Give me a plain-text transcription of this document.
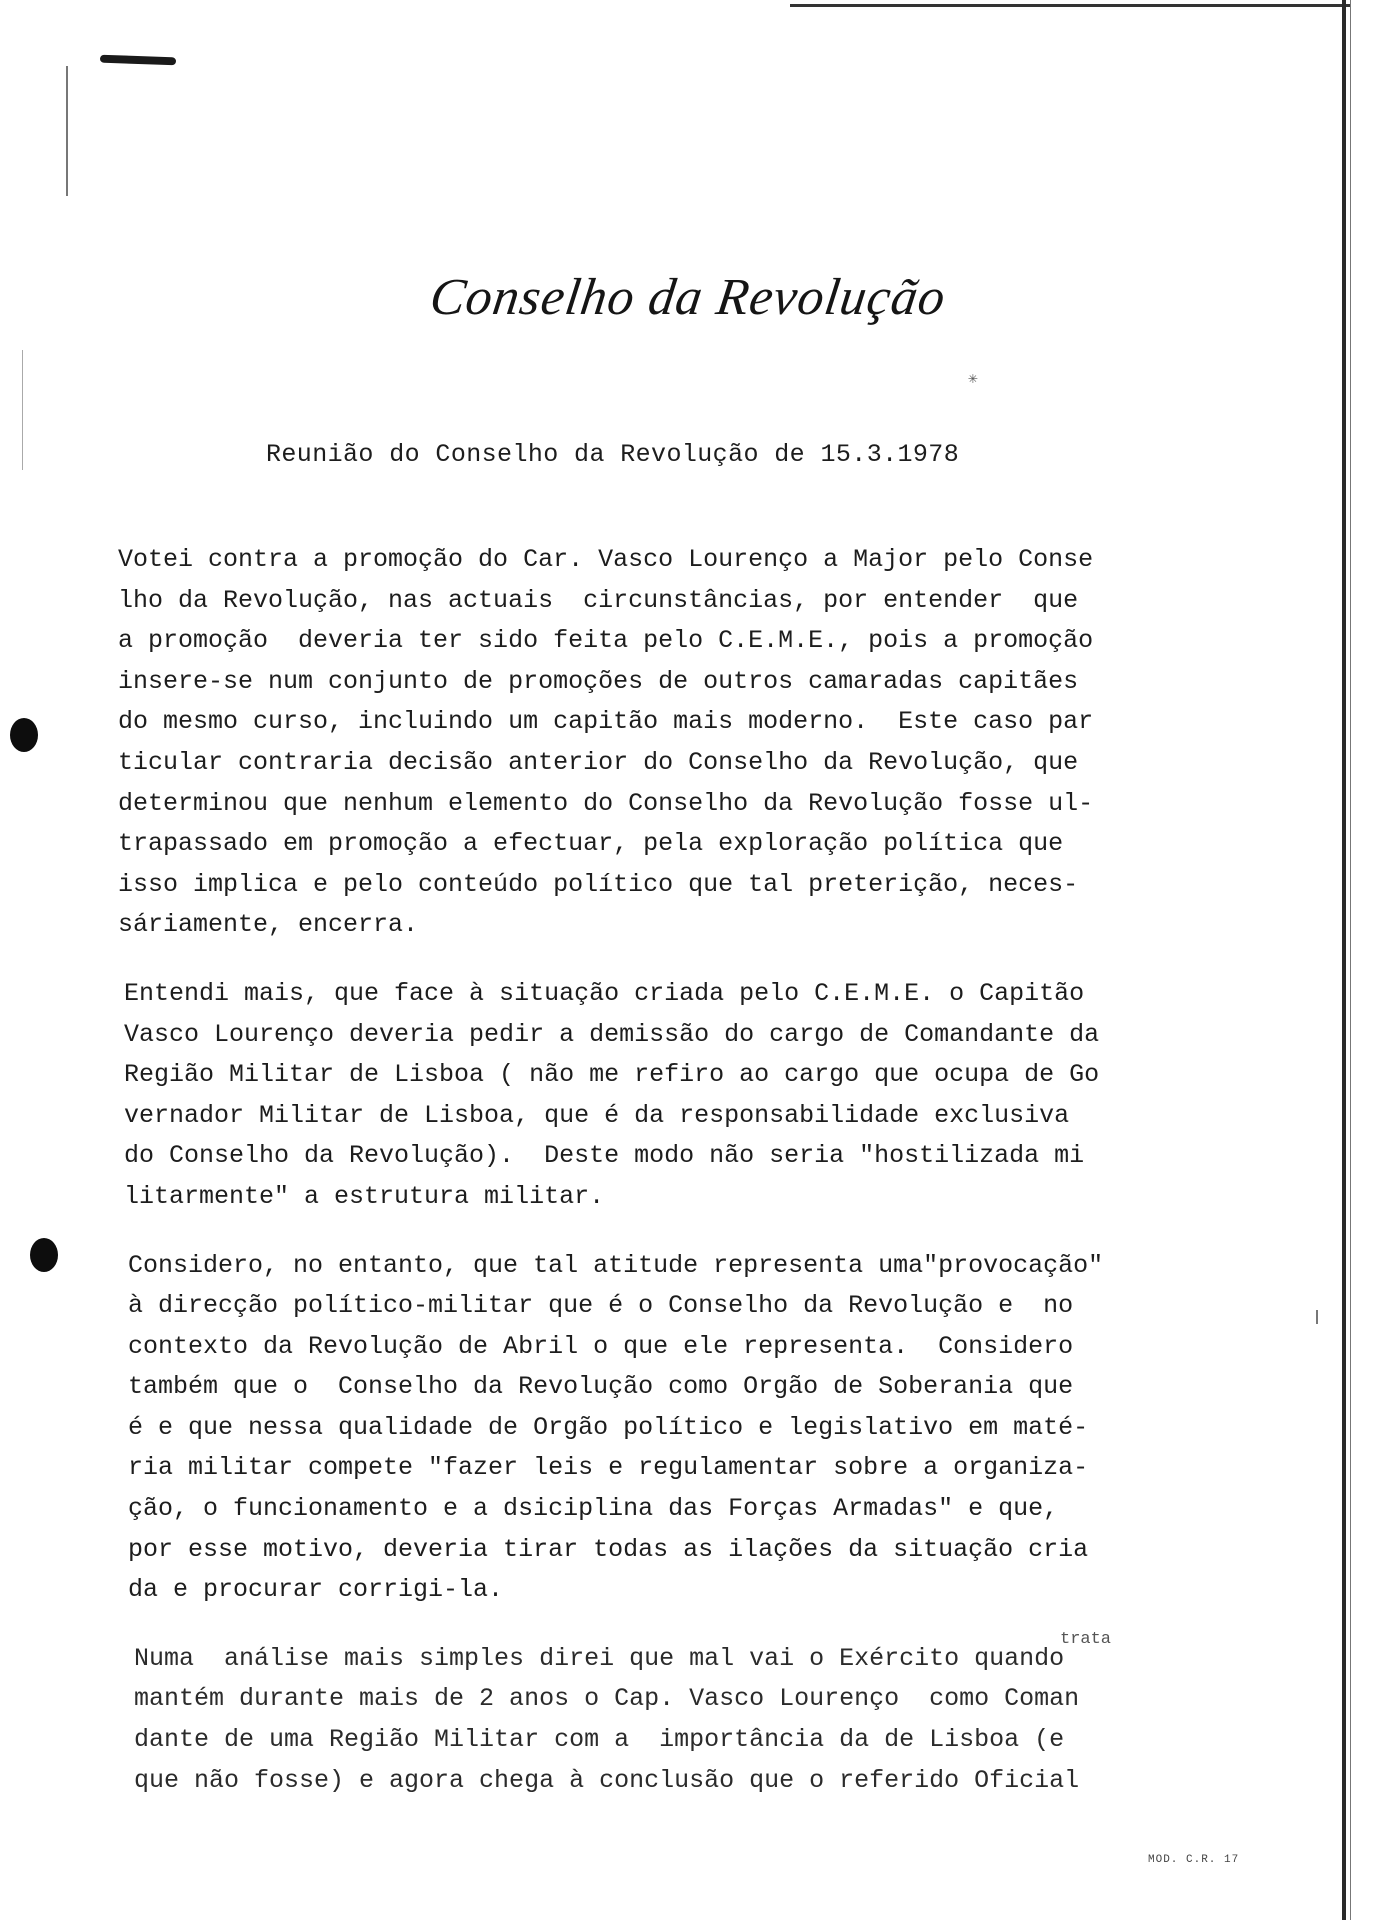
✳
Conselho da Revolução
Reunião do Conselho da Revolução de 15.3.1978
trata
Votei contra a promoção do Car. Vasco Lourenço a Major pelo Conse
lho da Revolução, nas actuais  circunstâncias, por entender  que
a promoção  deveria ter sido feita pelo C.E.M.E., pois a promoção
insere-se num conjunto de promoções de outros camaradas capitães
do mesmo curso, incluindo um capitão mais moderno.  Este caso par
ticular contraria decisão anterior do Conselho da Revolução, que
determinou que nenhum elemento do Conselho da Revolução fosse ul-
trapassado em promoção a efectuar, pela exploração política que
isso implica e pelo conteúdo político que tal preterição, neces-
sáriamente, encerra.
Entendi mais, que face à situação criada pelo C.E.M.E. o Capitão
Vasco Lourenço deveria pedir a demissão do cargo de Comandante da
Região Militar de Lisboa ( não me refiro ao cargo que ocupa de Go
vernador Militar de Lisboa, que é da responsabilidade exclusiva
do Conselho da Revolução).  Deste modo não seria "hostilizada mi
litarmente" a estrutura militar.
Considero, no entanto, que tal atitude representa uma"provocação"
à direcção político-militar que é o Conselho da Revolução e  no
contexto da Revolução de Abril o que ele representa.  Considero
também que o  Conselho da Revolução como Orgão de Soberania que
é e que nessa qualidade de Orgão político e legislativo em maté-
ria militar compete "fazer leis e regulamentar sobre a organiza-
ção, o funcionamento e a dsiciplina das Forças Armadas" e que,
por esse motivo, deveria tirar todas as ilações da situação cria
da e procurar corrigi-la.
Numa  análise mais simples direi que mal vai o Exército quando
mantém durante mais de 2 anos o Cap. Vasco Lourenço  como Coman
dante de uma Região Militar com a  importância da de Lisboa (e
que não fosse) e agora chega à conclusão que o referido Oficial
MOD. C.R. 17
